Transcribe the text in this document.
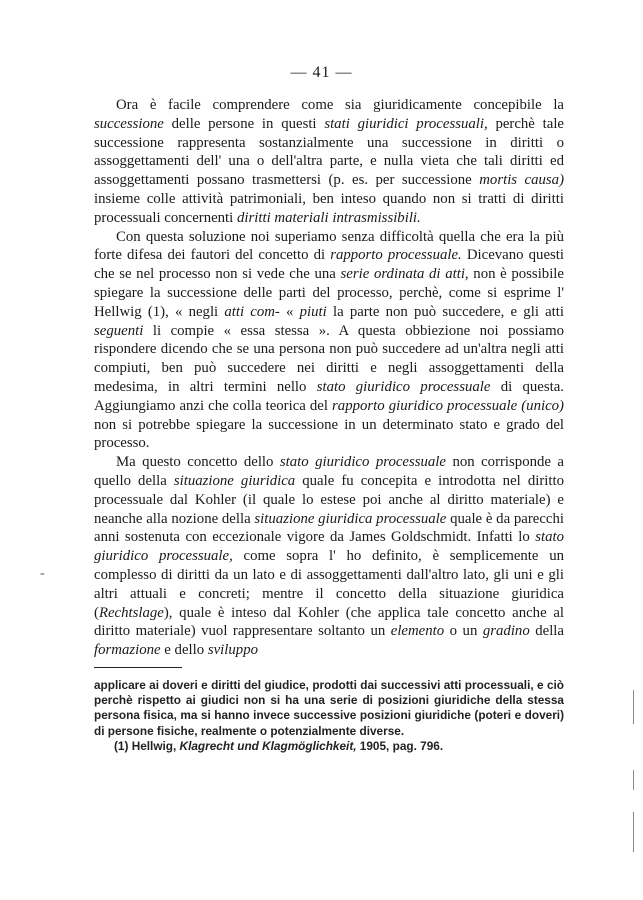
— 41 —
-

Ora è facile comprendere come sia giuridicamente concepibile la successione delle persone in questi stati giuridici processuali, perchè tale successione rappresenta sostanzialmente una successione in diritti o assoggettamenti dell' una o dell'altra parte, e nulla vieta che tali diritti ed assoggettamenti possano trasmettersi (p. es. per successione mortis causa) insieme colle attività patrimoniali, ben inteso quando non si tratti di diritti processuali concernenti diritti materiali intrasmissibili.

Con questa soluzione noi superiamo senza difficoltà quella che era la più forte difesa dei fautori del concetto di rapporto processuale. Dicevano questi che se nel processo non si vede che una serie ordinata di atti, non è possibile spiegare la successione delle parti del processo, perchè, come si esprime l' Hellwig (1), « negli atti com- « piuti la parte non può succedere, e gli atti seguenti li compie « essa stessa ». A questa obbiezione noi possiamo rispondere dicendo che se una persona non può succedere ad un'altra negli atti compiuti, ben può succedere nei diritti e negli assoggettamenti della medesima, in altri termini nello stato giuridico processuale di questa. Aggiungiamo anzi che colla teorica del rapporto giuridico processuale (unico) non si potrebbe spiegare la successione in un determinato stato e grado del processo.

Ma questo concetto dello stato giuridico processuale non corrisponde a quello della situazione giuridica quale fu concepita e introdotta nel diritto processuale dal Kohler (il quale lo estese poi anche al diritto materiale) e neanche alla nozione della situazione giuridica processuale quale è da parecchi anni sostenuta con eccezionale vigore da James Goldschmidt. Infatti lo stato giuridico processuale, come sopra l' ho definito, è semplicemente un complesso di diritti da un lato e di assoggettamenti dall'altro lato, gli uni e gli altri attuali e concreti; mentre il concetto della situazione giuridica (Rechtslage), quale è inteso dal Kohler (che applica tale concetto anche al diritto materiale) vuol rappresentare soltanto un elemento o un gradino della formazione e dello sviluppo

applicare ai doveri e diritti del giudice, prodotti dai successivi atti processuali, e ciò perchè rispetto ai giudici non si ha una serie di posizioni giuridiche della stessa persona fisica, ma si hanno invece successive posizioni giuridiche (poteri e doveri) di persone fisiche, realmente o potenzialmente diverse.

(1) Hellwig, Klagrecht und Klagmöglichkeit, 1905, pag. 796.
